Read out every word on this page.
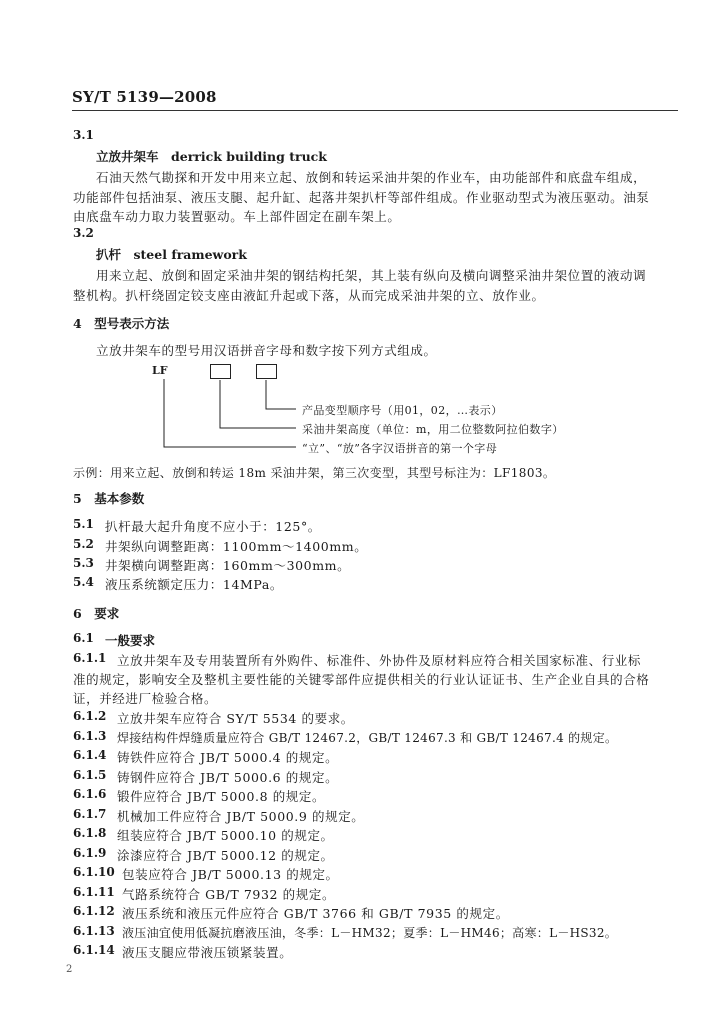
SY/T 5139—2008
3.1
立放井架车　derrick building truck
石油天然气勘探和开发中用来立起、放倒和转运采油井架的作业车，由功能部件和底盘车组成，
功能部件包括油泵、液压支腿、起升缸、起落井架扒杆等部件组成。作业驱动型式为液压驱动。油泵
由底盘车动力取力装置驱动。车上部件固定在副车架上。
3.2
扒杆　steel framework
用来立起、放倒和固定采油井架的钢结构托架，其上装有纵向及横向调整采油井架位置的液动调
整机构。扒杆绕固定铰支座由液缸升起或下落，从而完成采油井架的立、放作业。
4　型号表示方法
立放井架车的型号用汉语拼音字母和数字按下列方式组成。
LF
产品变型顺序号（用01，02，…表示）
采油井架高度（单位：m，用二位整数阿拉伯数字）
“立”、“放”各字汉语拼音的第一个字母
示例：用来立起、放倒和转运 18m 采油井架，第三次变型，其型号标注为：LF1803。
5　基本参数
5.1 扒杆最大起升角度不应小于：125°。
5.2 井架纵向调整距离：1100mm～1400mm。
5.3 井架横向调整距离：160mm～300mm。
5.4 液压系统额定压力：14MPa。
6　要求
6.1 一般要求
6.1.1 立放井架车及专用装置所有外购件、标准件、外协件及原材料应符合相关国家标准、行业标
准的规定，影响安全及整机主要性能的关键零部件应提供相关的行业认证证书、生产企业自具的合格
证，并经进厂检验合格。
6.1.2 立放井架车应符合 SY/T 5534 的要求。
6.1.3 焊接结构件焊缝质量应符合 GB/T 12467.2，GB/T 12467.3 和 GB/T 12467.4 的规定。
6.1.4 铸铁件应符合 JB/T 5000.4 的规定。
6.1.5 铸钢件应符合 JB/T 5000.6 的规定。
6.1.6 锻件应符合 JB/T 5000.8 的规定。
6.1.7 机械加工件应符合 JB/T 5000.9 的规定。
6.1.8 组装应符合 JB/T 5000.10 的规定。
6.1.9 涂漆应符合 JB/T 5000.12 的规定。
6.1.10 包装应符合 JB/T 5000.13 的规定。
6.1.11 气路系统符合 GB/T 7932 的规定。
6.1.12 液压系统和液压元件应符合 GB/T 3766 和 GB/T 7935 的规定。
6.1.13 液压油宜使用低凝抗磨液压油，冬季：L－HM32；夏季：L－HM46；高寒：L－HS32。
6.1.14 液压支腿应带液压锁紧装置。
2
